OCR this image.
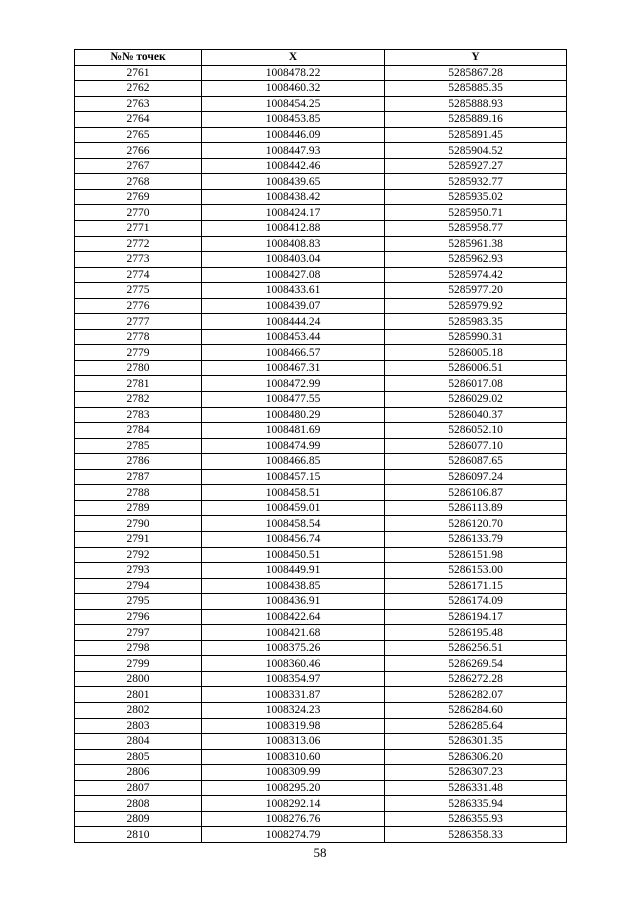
№№ точек	X	Y
2761	1008478.22	5285867.28
2762	1008460.32	5285885.35
2763	1008454.25	5285888.93
2764	1008453.85	5285889.16
2765	1008446.09	5285891.45
2766	1008447.93	5285904.52
2767	1008442.46	5285927.27
2768	1008439.65	5285932.77
2769	1008438.42	5285935.02
2770	1008424.17	5285950.71
2771	1008412.88	5285958.77
2772	1008408.83	5285961.38
2773	1008403.04	5285962.93
2774	1008427.08	5285974.42
2775	1008433.61	5285977.20
2776	1008439.07	5285979.92
2777	1008444.24	5285983.35
2778	1008453.44	5285990.31
2779	1008466.57	5286005.18
2780	1008467.31	5286006.51
2781	1008472.99	5286017.08
2782	1008477.55	5286029.02
2783	1008480.29	5286040.37
2784	1008481.69	5286052.10
2785	1008474.99	5286077.10
2786	1008466.85	5286087.65
2787	1008457.15	5286097.24
2788	1008458.51	5286106.87
2789	1008459.01	5286113.89
2790	1008458.54	5286120.70
2791	1008456.74	5286133.79
2792	1008450.51	5286151.98
2793	1008449.91	5286153.00
2794	1008438.85	5286171.15
2795	1008436.91	5286174.09
2796	1008422.64	5286194.17
2797	1008421.68	5286195.48
2798	1008375.26	5286256.51
2799	1008360.46	5286269.54
2800	1008354.97	5286272.28
2801	1008331.87	5286282.07
2802	1008324.23	5286284.60
2803	1008319.98	5286285.64
2804	1008313.06	5286301.35
2805	1008310.60	5286306.20
2806	1008309.99	5286307.23
2807	1008295.20	5286331.48
2808	1008292.14	5286335.94
2809	1008276.76	5286355.93
2810	1008274.79	5286358.33
58
